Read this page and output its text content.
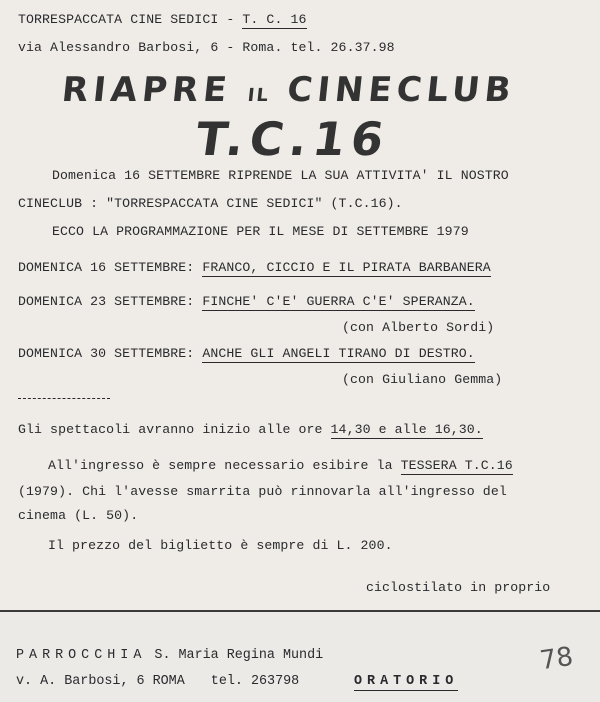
TORRESPACCATA CINE SEDICI - T. C. 16
via Alessandro Barbosi, 6 - Roma. tel. 26.37.98
RIAPRE IL CINECLUB
T.C.16
Domenica 16 SETTEMBRE RIPRENDE LA SUA ATTIVITA' IL NOSTRO
CINECLUB : "TORRESPACCATA CINE SEDICI" (T.C.16).
ECCO LA PROGRAMMAZIONE PER IL MESE DI SETTEMBRE 1979
DOMENICA 16 SETTEMBRE: FRANCO, CICCIO E IL PIRATA BARBANERA
DOMENICA 23 SETTEMBRE: FINCHE' C'E' GUERRA C'E' SPERANZA.
(con Alberto Sordi)
DOMENICA 30 SETTEMBRE: ANCHE GLI ANGELI TIRANO DI DESTRO.
(con Giuliano Gemma)
Gli spettacoli avranno inizio alle ore 14,30 e alle 16,30.
All'ingresso è sempre necessario esibire la TESSERA T.C.16
(1979). Chi l'avesse smarrita può rinnovarla all'ingresso del
cinema (L. 50).
Il prezzo del biglietto è sempre di L. 200.
ciclostilato in proprio
PARROCCHIA S. Maria Regina Mundi
v. A. Barbosi, 6 ROMA tel. 263798	ORATORIO
78
